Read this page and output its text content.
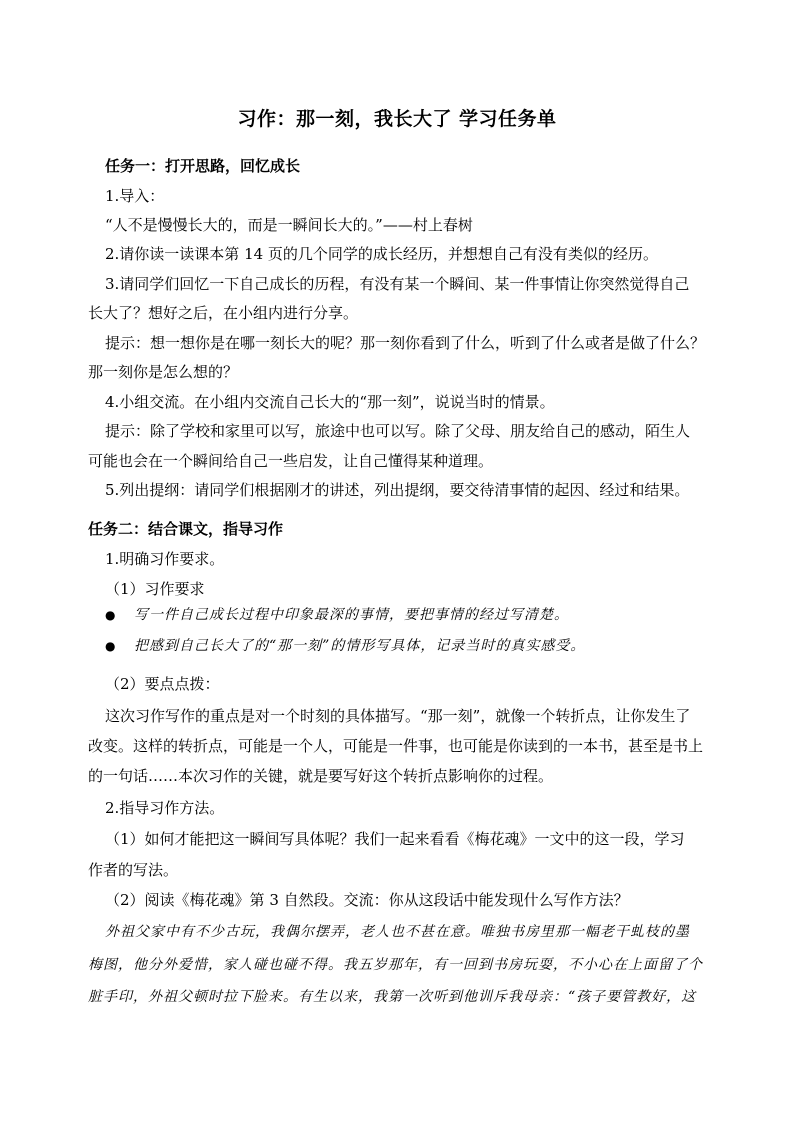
习作：那一刻，我长大了 学习任务单
任务一：打开思路，回忆成长
1.导入：
“人不是慢慢长大的，而是一瞬间长大的。”——村上春树
2.请你读一读课本第 14 页的几个同学的成长经历，并想想自己有没有类似的经历。
3.请同学们回忆一下自己成长的历程，有没有某一个瞬间、某一件事情让你突然觉得自己
长大了？想好之后，在小组内进行分享。
提示：想一想你是在哪一刻长大的呢？那一刻你看到了什么，听到了什么或者是做了什么？
那一刻你是怎么想的？
4.小组交流。在小组内交流自己长大的“那一刻”，说说当时的情景。
提示：除了学校和家里可以写，旅途中也可以写。除了父母、朋友给自己的感动，陌生人
可能也会在一个瞬间给自己一些启发，让自己懂得某种道理。
5.列出提纲：请同学们根据刚才的讲述，列出提纲，要交待清事情的起因、经过和结果。
任务二：结合课文，指导习作
1.明确习作要求。
（1）习作要求
● 写一件自己成长过程中印象最深的事情，要把事情的经过写清楚。
● 把感到自己长大了的“那一刻”的情形写具体，记录当时的真实感受。
（2）要点点拨：
这次习作写作的重点是对一个时刻的具体描写。“那一刻”，就像一个转折点，让你发生了
改变。这样的转折点，可能是一个人，可能是一件事，也可能是你读到的一本书，甚至是书上
的一句话……本次习作的关键，就是要写好这个转折点影响你的过程。
2.指导习作方法。
（1）如何才能把这一瞬间写具体呢？我们一起来看看《梅花魂》一文中的这一段，学习
作者的写法。
（2）阅读《梅花魂》第 3 自然段。交流：你从这段话中能发现什么写作方法？
外祖父家中有不少古玩，我偶尔摆弄，老人也不甚在意。唯独书房里那一幅老干虬枝的墨
梅图，他分外爱惜，家人碰也碰不得。我五岁那年，有一回到书房玩耍，不小心在上面留了个
脏手印，外祖父顿时拉下脸来。有生以来，我第一次听到他训斥我母亲：“孩子要管教好，这
